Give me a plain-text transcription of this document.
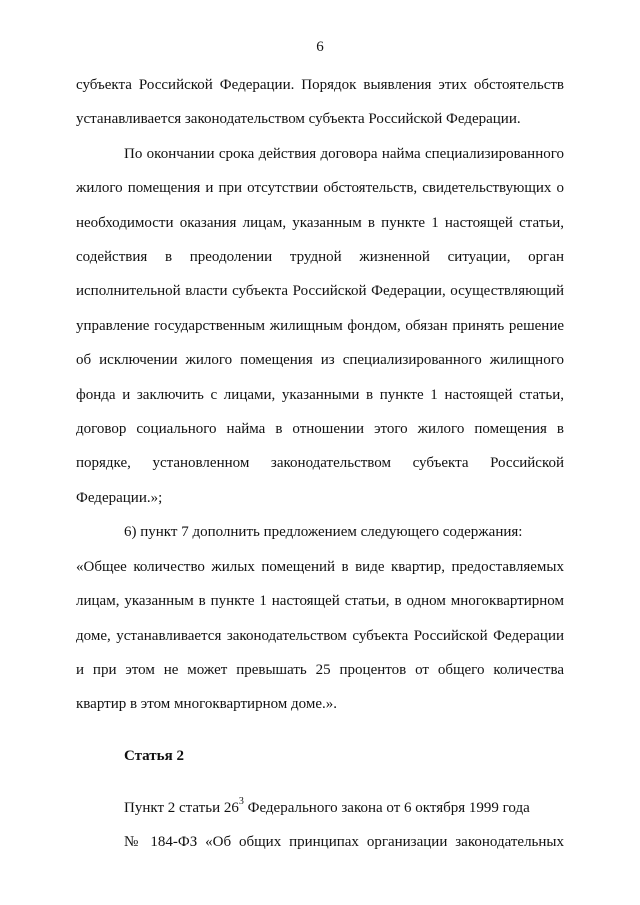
6

субъекта Российской Федерации. Порядок выявления этих обстоятельств устанавливается законодательством субъекта Российской Федерации.

По окончании срока действия договора найма специализированного жилого помещения и при отсутствии обстоятельств, свидетельствующих о необходимости оказания лицам, указанным в пункте 1 настоящей статьи, содействия в преодолении трудной жизненной ситуации, орган исполнительной власти субъекта Российской Федерации, осуществляющий управление государственным жилищным фондом, обязан принять решение об исключении жилого помещения из специализированного жилищного фонда и заключить с лицами, указанными в пункте 1 настоящей статьи, договор социального найма в отношении этого жилого помещения в порядке, установленном законодательством субъекта Российской Федерации.»;

6) пункт 7 дополнить предложением следующего содержания:

«Общее количество жилых помещений в виде квартир, предоставляемых лицам, указанным в пункте 1 настоящей статьи, в одном многоквартирном доме, устанавливается законодательством субъекта Российской Федерации и при этом не может превышать 25 процентов от общего количества квартир в этом многоквартирном доме.».

Статья 2

Пункт 2 статьи $26^3$ Федерального закона от 6 октября 1999 года
№ 184-ФЗ «Об общих принципах организации законодательных
